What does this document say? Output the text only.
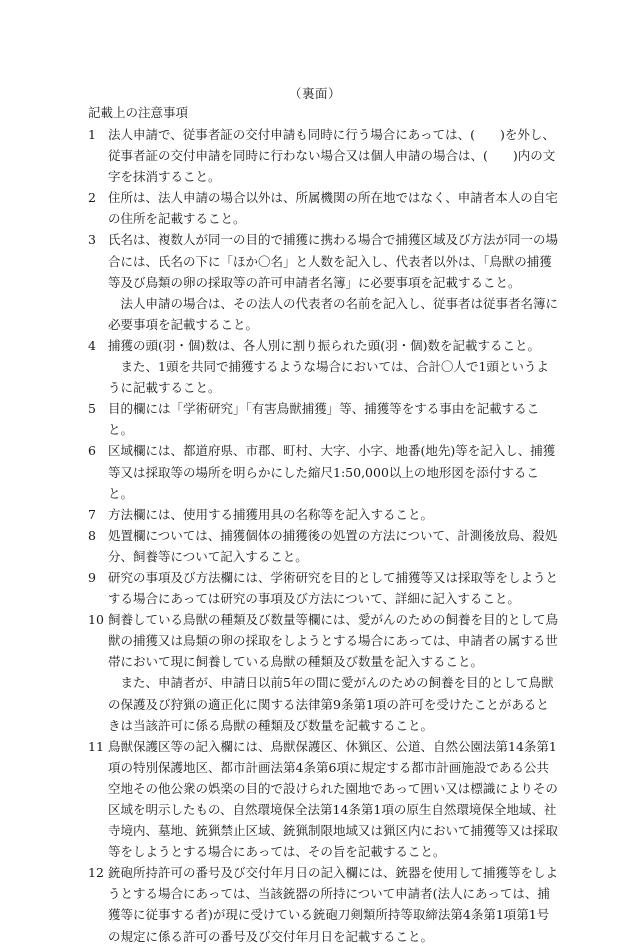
（裏面）
記載上の注意事項
1 法人申請で、従事者証の交付申請も同時に行う場合にあっては、(　　)を外し、従事者証の交付申請を同時に行わない場合又は個人申請の場合は、(　　)内の文字を抹消すること。

2 住所は、法人申請の場合以外は、所属機関の所在地ではなく、申請者本人の自宅の住所を記載すること。

3 氏名は、複数人が同一の目的で捕獲に携わる場合で捕獲区域及び方法が同一の場合には、氏名の下に「ほか〇名」と人数を記入し、代表者以外は、「鳥獣の捕獲等及び鳥類の卵の採取等の許可申請者名簿」に必要事項を記載すること。

法人申請の場合は、その法人の代表者の名前を記入し、従事者は従事者名簿に必要事項を記載すること。

4 捕獲の頭(羽・個)数は、各人別に割り振られた頭(羽・個)数を記載すること。

また、1頭を共同で捕獲するような場合においては、合計〇人で1頭というように記載すること。

5 目的欄には「学術研究」「有害鳥獣捕獲」等、捕獲等をする事由を記載すること。

6 区域欄には、都道府県、市郡、町村、大字、小字、地番(地先)等を記入し、捕獲等又は採取等の場所を明らかにした縮尺1:50,000以上の地形図を添付すること。

7 方法欄には、使用する捕獲用具の名称等を記入すること。

8 処置欄については、捕獲個体の捕獲後の処置の方法について、計測後放鳥、殺処分、飼養等について記入すること。

9 研究の事項及び方法欄には、学術研究を目的として捕獲等又は採取等をしようとする場合にあっては研究の事項及び方法について、詳細に記入すること。

10 飼養している鳥獣の種類及び数量等欄には、愛がんのための飼養を目的として鳥獣の捕獲又は鳥類の卵の採取をしようとする場合にあっては、申請者の属する世帯において現に飼養している鳥獣の種類及び数量を記入すること。

また、申請者が、申請日以前5年の間に愛がんのための飼養を目的として鳥獣の保護及び狩猟の適正化に関する法律第9条第1項の許可を受けたことがあるときは当該許可に係る鳥獣の種類及び数量を記載すること。

11 鳥獣保護区等の記入欄には、鳥獣保護区、休猟区、公道、自然公園法第14条第1項の特別保護地区、都市計画法第4条第6項に規定する都市計画施設である公共空地その他公衆の娯楽の目的で設けられた園地であって囲い又は標識によりその区域を明示したもの、自然環境保全法第14条第1項の原生自然環境保全地域、社寺境内、墓地、銃猟禁止区域、銃猟制限地域又は猟区内において捕獲等又は採取等をしようとする場合にあっては、その旨を記載すること。

12 銃砲所持許可の番号及び交付年月日の記入欄には、銃器を使用して捕獲等をしようとする場合にあっては、当該銃器の所持について申請者(法人にあっては、捕獲等に従事する者)が現に受けている銃砲刀剣類所持等取締法第4条第1項第1号の規定に係る許可の番号及び交付年月日を記載すること。
